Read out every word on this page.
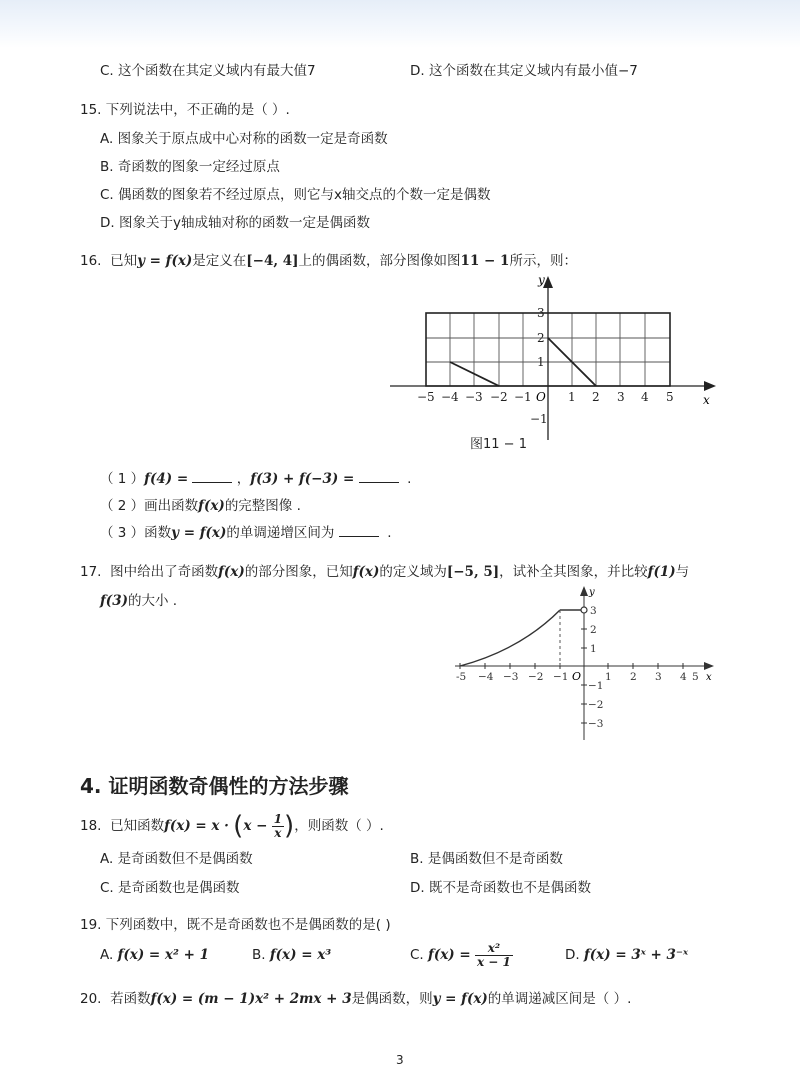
C. 这个函数在其定义域内有最大值7	D. 这个函数在其定义域内有最小值−7
15. 下列说法中，不正确的是（ ）.
A. 图象关于原点成中心对称的函数一定是奇函数
B. 奇函数的图象一定经过原点
C. 偶函数的图象若不经过原点，则它与x轴交点的个数一定是偶数
D. 图象关于y轴成轴对称的函数一定是偶函数
16. 已知y = f(x)是定义在[−4, 4]上的偶函数，部分图像如图11 − 1所示，则：
y
x
O
−5 −4 −3 −2 −1	1 2 3 4 5
3
2
1
−1
图11 − 1
（ 1 ）f(4) =	，f(3) + f(−3) =	.
（ 2 ）画出函数f(x)的完整图像 .
（ 3 ）函数y = f(x)的单调递增区间为	.
17. 图中给出了奇函数f(x)的部分图象，已知f(x)的定义域为[−5, 5]，试补全其图象，并比较f(1)与
f(3)的大小 .
y
x
O
-5 −4 −3 −2 −1	1 2 3 4 5
3
2
1
−1
−2
−3
4. 证明函数奇偶性的方法步骤
18. 已知函数$f(x) = x \cdot (x - \frac{1}{x}$ )，则函数（ ）.
A. 是奇函数但不是偶函数	B. 是偶函数但不是奇函数
C. 是奇函数也是偶函数	D. 既不是奇函数也不是偶函数
19. 下列函数中，既不是奇函数也不是偶函数的是( )
A. f(x) = x² + 1	B. f(x) = x³	C. $f(x) = \frac{\text{x²}}{x - 1}$	D. f(x) = 3ˣ + 3⁻ˣ
20. 若函数f(x) = (m − 1)x² + 2mx + 3是偶函数，则y = f(x)的单调递减区间是（ ）.
3
